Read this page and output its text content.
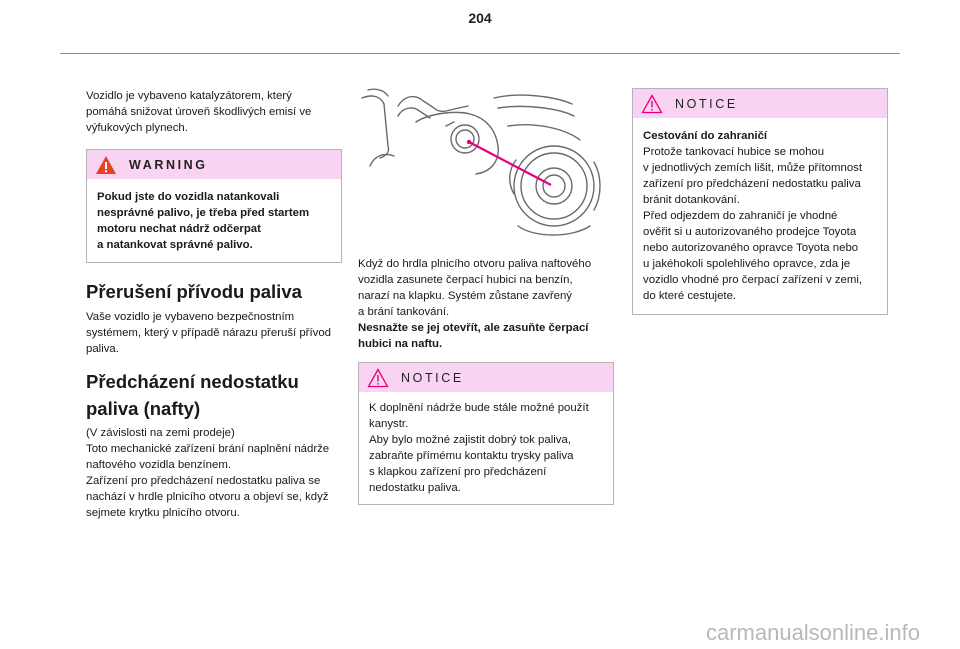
204

Vozidlo je vybaveno katalyzátorem, který
pomáhá snižovat úroveň škodlivých emisí ve
výfukových plynech.

WARNING

Pokud jste do vozidla natankovali
nesprávné palivo, je třeba před startem
motoru nechat nádrž odčerpat
a natankovat správné palivo.

Přerušení přívodu paliva

Vaše vozidlo je vybaveno bezpečnostním
systémem, který v případě nárazu přeruší přívod
paliva.

Předcházení nedostatku
paliva (nafty)

(V závislosti na zemi prodeje)
Toto mechanické zařízení brání naplnění nádrže
naftového vozidla benzínem.
Zařízení pro předcházení nedostatku paliva se
nachází v hrdle plnicího otvoru a objeví se, když
sejmete krytku plnicího otvoru.

Když do hrdla plnicího otvoru paliva naftového
vozidla zasunete čerpací hubici na benzín,
narazí na klapku. Systém zůstane zavřený
a brání tankování.

Nesnažte se jej otevřít, ale zasuňte čerpací
hubici na naftu.

NOTICE

K doplnění nádrže bude stále možné použít
kanystr.
Aby bylo možné zajistit dobrý tok paliva,
zabraňte přímému kontaktu trysky paliva
s klapkou zařízení pro předcházení
nedostatku paliva.

NOTICE

Cestování do zahraničí

Protože tankovací hubice se mohou
v jednotlivých zemích lišit, může přítomnost
zařízení pro předcházení nedostatku paliva
bránit dotankování.
Před odjezdem do zahraničí je vhodné
ověřit si u autorizovaného prodejce Toyota
nebo autorizovaného opravce Toyota nebo
u jakéhokoli spolehlivého opravce, zda je
vozidlo vhodné pro čerpací zařízení v zemi,
do které cestujete.

carmanualsonline.info
